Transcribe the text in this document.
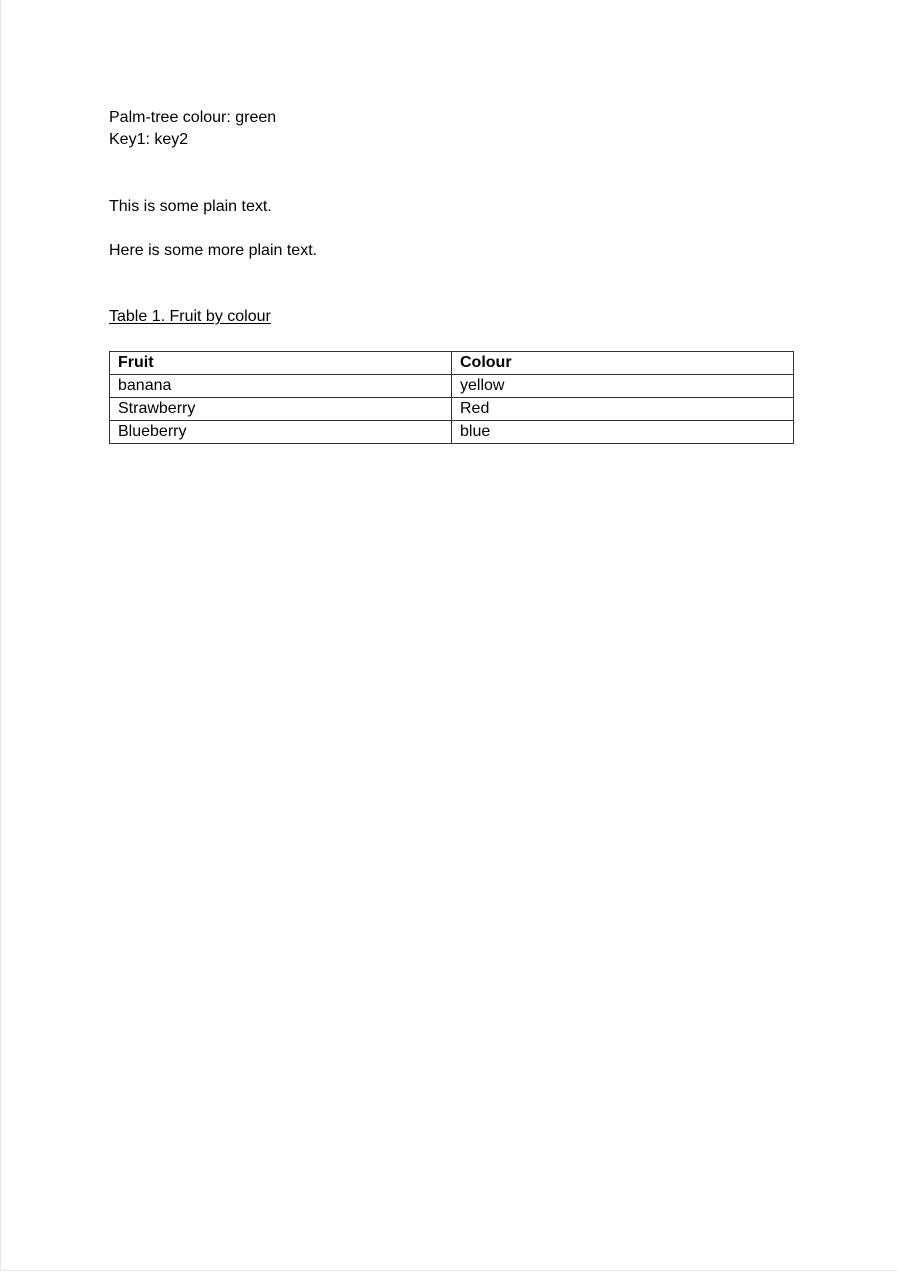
Palm-tree colour: green

Key1: key2

This is some plain text.

Here is some more plain text.

Table 1. Fruit by colour

Fruit	Colour
banana	yellow
Strawberry	Red
Blueberry	blue
